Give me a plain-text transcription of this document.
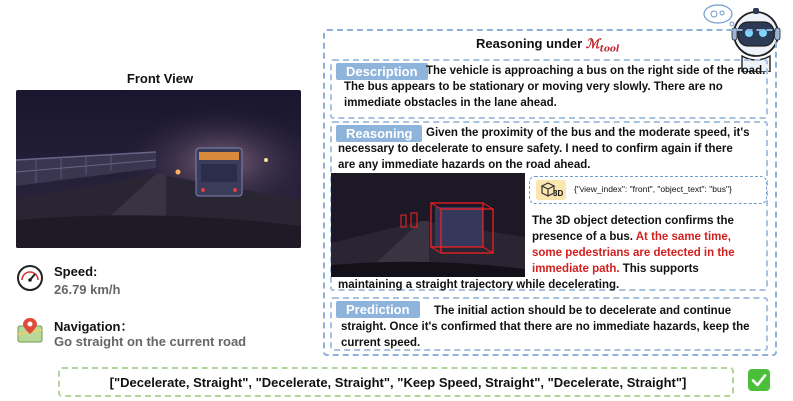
Front View
Speed:
26.79 km/h
Navigation：
Go straight on the current road
Reasoning under ℳ$_{tool}$
Description The vehicle is approaching a bus on the right side of the road.
The bus appears to be stationary or moving very slowly. There are no
immediate obstacles in the lane ahead.
Reasoning	Given the proximity of the bus and the moderate speed, it's
necessary to decelerate to ensure safety. I need to confirm again if there
are any immediate hazards on the road ahead.
3D {"view_index": "front", "object_text": "bus"}
The 3D object detection confirms the
presence of a bus. At the same time,
some pedestrians are detected in the
immediate path. This supports
maintaining a straight trajectory while decelerating.
Prediction	The initial action should be to decelerate and continue
straight. Once it's confirmed that there are no immediate hazards, keep the
current speed.
["Decelerate, Straight", "Decelerate, Straight", "Keep Speed, Straight", "Decelerate, Straight"]
